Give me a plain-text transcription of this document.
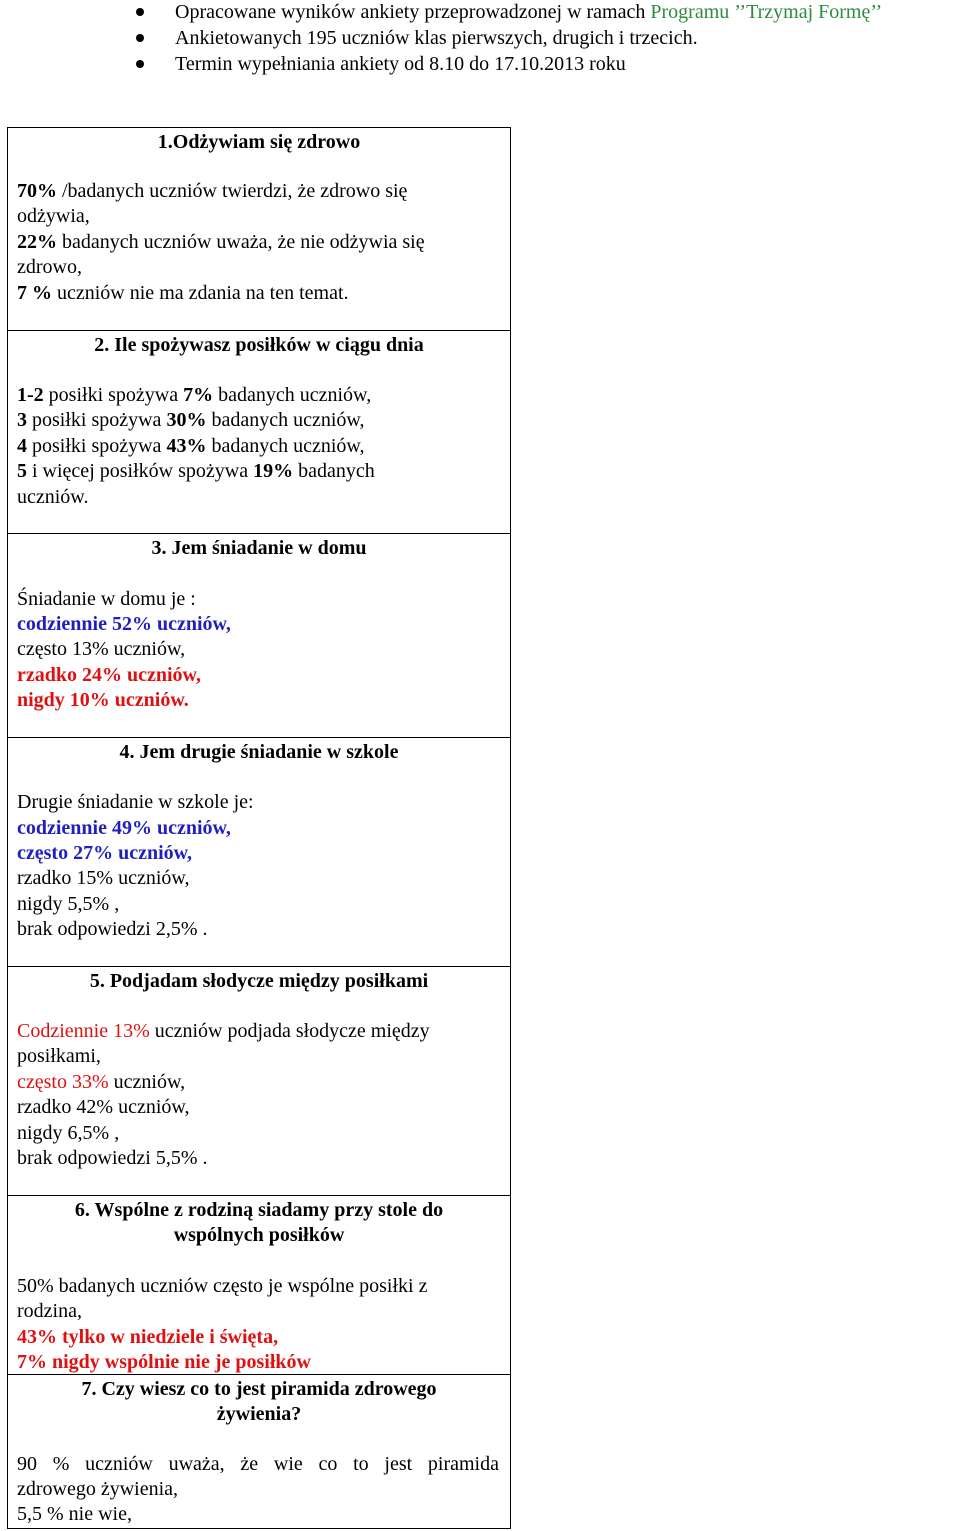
Opracowane wyników ankiety przeprowadzonej w ramach Programu ’’Trzymaj Formę’’
Ankietowanych 195 uczniów klas pierwszych, drugich i trzecich.
Termin wypełniania ankiety od 8.10 do 17.10.2013 roku
1.Odżywiam się zdrowo
70% /badanych uczniów twierdzi, że zdrowo się
odżywia,
22% badanych uczniów uważa, że nie odżywia się
zdrowo,
7 % uczniów nie ma zdania na ten temat.
2. Ile spożywasz posiłków w ciągu dnia
1-2 posiłki spożywa 7% badanych uczniów,
3 posiłki spożywa 30% badanych uczniów,
4 posiłki spożywa 43% badanych uczniów,
5 i więcej posiłków spożywa 19% badanych
uczniów.
3. Jem śniadanie w domu
Śniadanie w domu je :
codziennie 52% uczniów,
często 13% uczniów,
rzadko 24% uczniów,
nigdy 10% uczniów.
4. Jem drugie śniadanie w szkole
Drugie śniadanie w szkole je:
codziennie 49% uczniów,
często 27% uczniów,
rzadko 15% uczniów,
nigdy 5,5% ,
brak odpowiedzi 2,5% .
5. Podjadam słodycze między posiłkami
Codziennie 13% uczniów podjada słodycze między
posiłkami,
często 33% uczniów,
rzadko 42% uczniów,
nigdy 6,5% ,
brak odpowiedzi 5,5% .
6. Wspólne z rodziną siadamy przy stole do
wspólnych posiłków
50% badanych uczniów często je wspólne posiłki z
rodzina,
43% tylko w niedziele i święta,
7% nigdy wspólnie nie je posiłków
7. Czy wiesz co to jest piramida zdrowego
żywienia?
90 % uczniów uważa, że wie co to jest piramida
zdrowego żywienia,
5,5 % nie wie,
